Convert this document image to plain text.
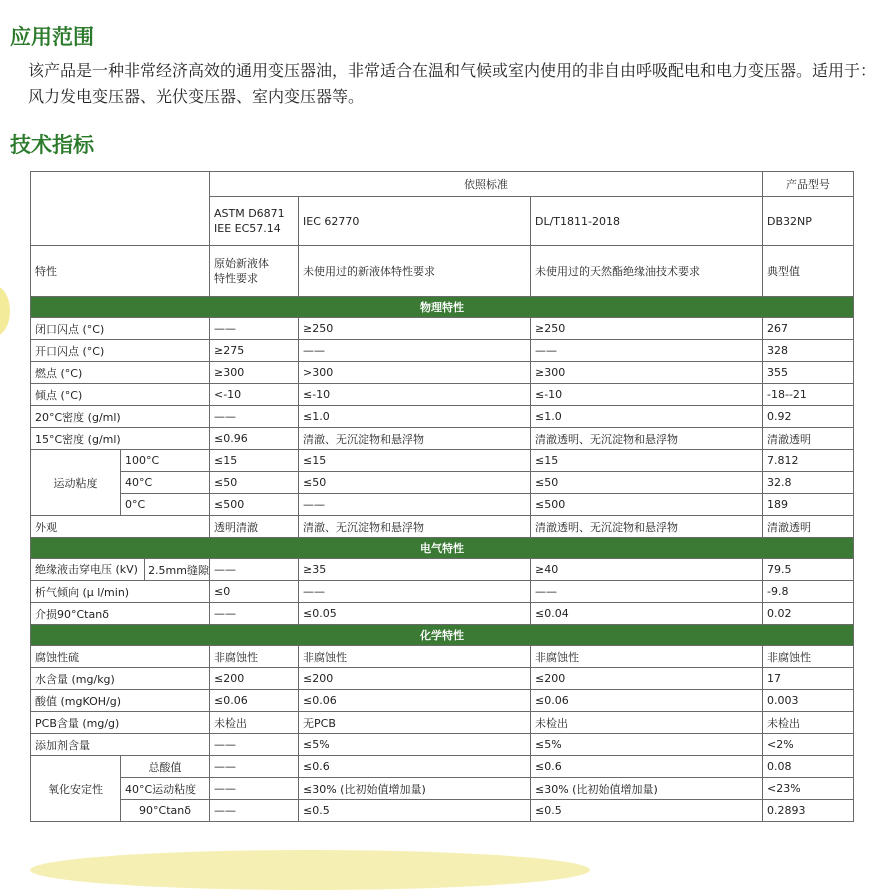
应用范围

该产品是一种非常经济高效的通用变压器油，非常适合在温和气候或室内使用的非自由呼吸配电和电力变压器。适用于：风力发电变压器、光伏变压器、室内变压器等。

技术指标
		依照标准			产品型号
		ASTM D6871
IEE EC57.14	IEC 62770	DL/T1811-2018	DB32NP
特性		原始新液体
特性要求	未使用过的新液体特性要求	未使用过的天然酯绝缘油技术要求	典型值
物理特性					
闭口闪点 (°C)		——	≥250	≥250	267
开口闪点 (°C)		≥275	——	——	328
燃点 (°C)		≥300	>300	≥300	355
倾点 (°C)		<-10	≤-10	≤-10	-18--21
20°C密度 (g/ml)		——	≤1.0	≤1.0	0.92
15°C密度 (g/ml)		≤0.96	清澈、无沉淀物和悬浮物	清澈透明、无沉淀物和悬浮物	清澈透明
运动粘度	100°C	≤15	≤15	≤15	7.812
	40°C	≤50	≤50	≤50	32.8
	0°C	≤500	——	≤500	189
外观		透明清澈	清澈、无沉淀物和悬浮物	清澈透明、无沉淀物和悬浮物	清澈透明
电气特性					

绝缘液击穿电压 (kV) 2.5mm缝隙		——	≥35	≥40	79.5
析气倾向 (μ l/min)		≤0	——	——	-9.8
介损90°Ctanδ		——	≤0.05	≤0.04	0.02
化学特性					
腐蚀性硫		非腐蚀性	非腐蚀性	非腐蚀性	非腐蚀性
水含量 (mg/kg)		≤200	≤200	≤200	17
酸值 (mgKOH/g)		≤0.06	≤0.06	≤0.06	0.003
PCB含量 (mg/g)		未检出	无PCB	未检出	未检出
添加剂含量		——	≤5%	≤5%	<2%
氧化安定性	总酸值	——	≤0.6	≤0.6	0.08
	40°C运动粘度	——	≤30% (比初始值增加量)	≤30% (比初始值增加量)	<23%
	90°Ctanδ	——	≤0.5	≤0.5	0.2893
